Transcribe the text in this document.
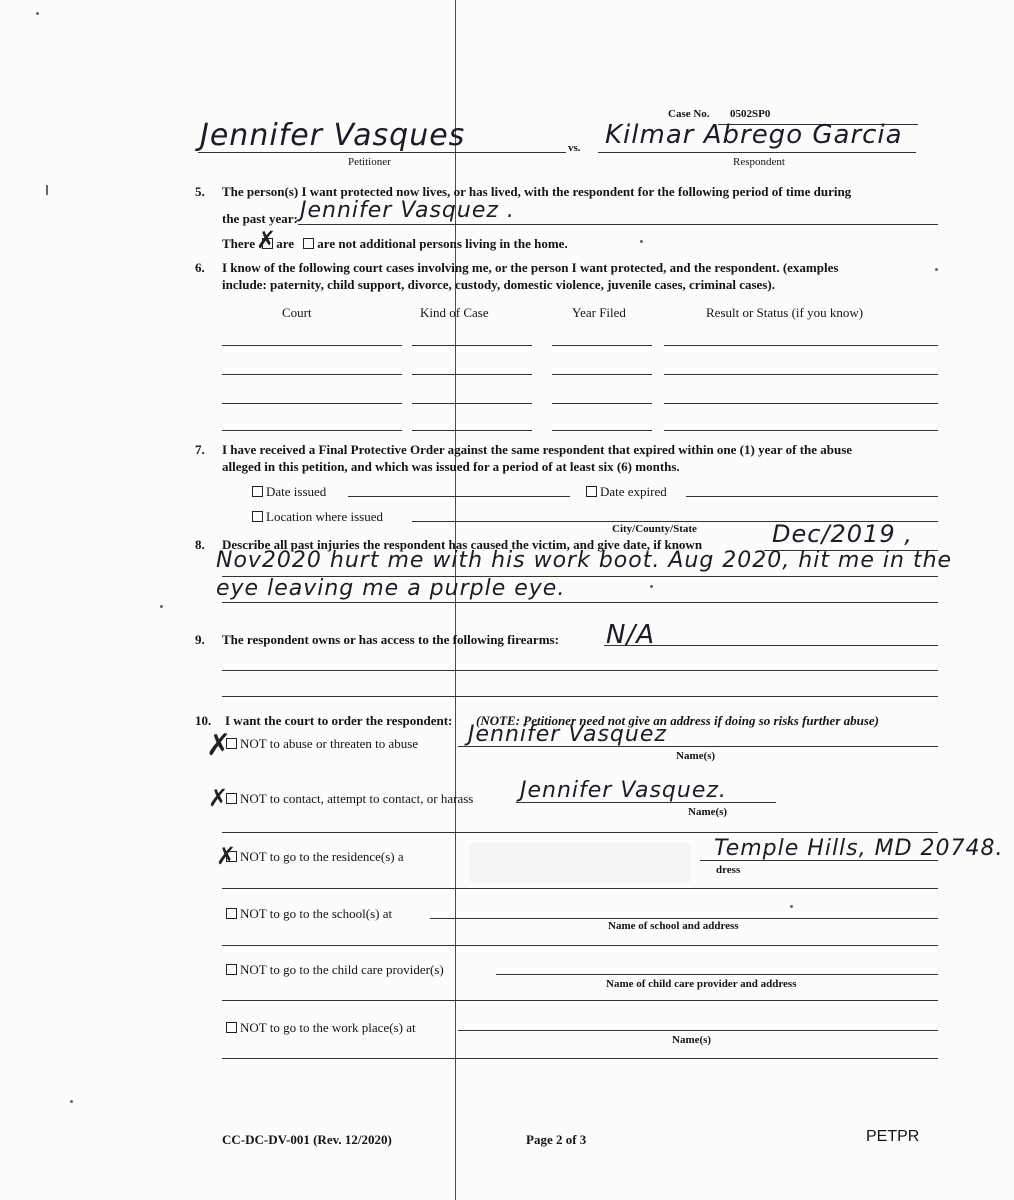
Case No. 0502SP0
Jennifer Vasques
Petitioner
vs. Kilmar Abrego Garcia
Respondent
5. The person(s) I want protected now lives, or has lived, with the respondent for the following period of time during
the past year: Jennifer Vasquez .
There are are not additional persons living in the home.
✗
6. I know of the following court cases involving me, or the person I want protected, and the respondent. (examples
include: paternity, child support, divorce, custody, domestic violence, juvenile cases, criminal cases).
Court	Kind of Case	Year Filed	Result or Status (if you know)
7. I have received a Final Protective Order against the same respondent that expired within one (1) year of the abuse
alleged in this petition, and which was issued for a period of at least six (6) months.
Date issued	Date expired
Location where issued
City/County/State
8. Describe all past injuries the respondent has caused the victim, and give date, if known	Dec/2019 ,
Nov2020 hurt me with his work boot. Aug 2020, hit me in the
eye leaving me a purple eye.
9. The respondent owns or has access to the following firearms: N/A
10. I want the court to order the respondent: (NOTE: Petitioner need not give an address if doing so risks further abuse)
✗ NOT to abuse or threaten to abuse Jennifer Vasquez
Name(s)
✗ NOT to contact, attempt to contact, or harass Jennifer Vasquez.
Name(s)
✗ NOT to go to the residence(s) a	Temple Hills, MD 20748.
dress
NOT to go to the school(s) at
Name of school and address
NOT to go to the child care provider(s)
Name of child care provider and address
NOT to go to the work place(s) at
Name(s)
CC-DC-DV-001 (Rev. 12/2020)	Page 2 of 3	PETPR
